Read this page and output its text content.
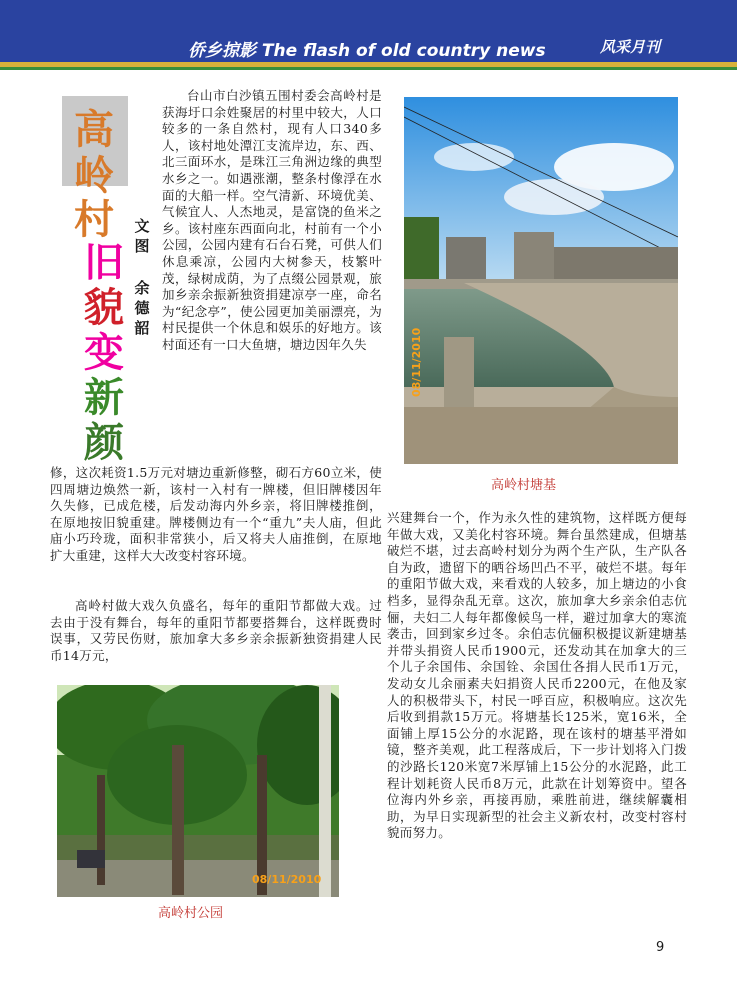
侨乡掠影 The flash of old country news	风采月刊
高
岭
村
旧
貌
变
新
颜
文
图
余
德
韶
台山市白沙镇五围村委会高岭村是获海圩口余姓聚居的村里中较大，人口较多的一条自然村，现有人口340多人，该村地处潭江支流岸边，东、西、北三面环水，是珠江三角洲边缘的典型水乡之一。如遇涨潮，整条村像浮在水面的大船一样。空气清新、环境优美、气候宜人、人杰地灵，是富饶的鱼米之乡。该村座东西面向北，村前有一个小公园，公园内建有石台石凳，可供人们休息乘凉，公园内大树参天，枝繁叶茂，绿树成荫，为了点缀公园景观，旅加乡亲余振新独资捐建凉亭一座，命名为“纪念亭”，使公园更加美丽漂亮，为村民提供一个休息和娱乐的好地方。该村面还有一口大鱼塘，塘边因年久失
修，这次耗资1.5万元对塘边重新修整，砌石方60立米，使四周塘边焕然一新，该村一入村有一牌楼，但旧牌楼因年久失修，已成危楼，后发动海内外乡亲，将旧牌楼推倒，在原地按旧貌重建。牌楼侧边有一个“重九”夫人庙，但此庙小巧玲珑，面积非常狭小，后又将夫人庙推倒，在原地扩大重建，这样大大改变村容环境。
高岭村做大戏久负盛名，每年的重阳节都做大戏。过去由于没有舞台，每年的重阳节都要搭舞台，这样既费时误事，又劳民伤财，旅加拿大多乡亲余振新独资捐建人民币14万元，
兴建舞台一个，作为永久性的建筑物，这样既方便每年做大戏，又美化村容环境。舞台虽然建成，但塘基破烂不堪，过去高岭村划分为两个生产队，生产队各自为政，遗留下的晒谷场凹凸不平，破烂不堪。每年的重阳节做大戏，来看戏的人较多，加上塘边的小食档多，显得杂乱无章。这次，旅加拿大乡亲余伯志伉俪，夫妇二人每年都像候鸟一样，避过加拿大的寒流袭击，回到家乡过冬。余伯志伉俪积极提议新建塘基并带头捐资人民币1900元，还发动其在加拿大的三个儿子余国伟、余国铨、余国仕各捐人民币1万元，发动女儿余丽素夫妇捐资人民币2200元，在他及家人的积极带头下，村民一呼百应，积极响应。这次先后收到捐款15万元。将塘基长125米，宽16米，全面铺上厚15公分的水泥路，现在该村的塘基平滑如镜，整齐美观，此工程落成后，下一步计划将入门拨的沙路长120米宽7米厚铺上15公分的水泥路，此工程计划耗资人民币8万元，此款在计划筹资中。望各位海内外乡亲，再接再励，乘胜前进，继续解囊相助，为早日实现新型的社会主义新农村，改变村容村貌而努力。
08/11/2010
高岭村塘基
08/11/2010
高岭村公园
9
